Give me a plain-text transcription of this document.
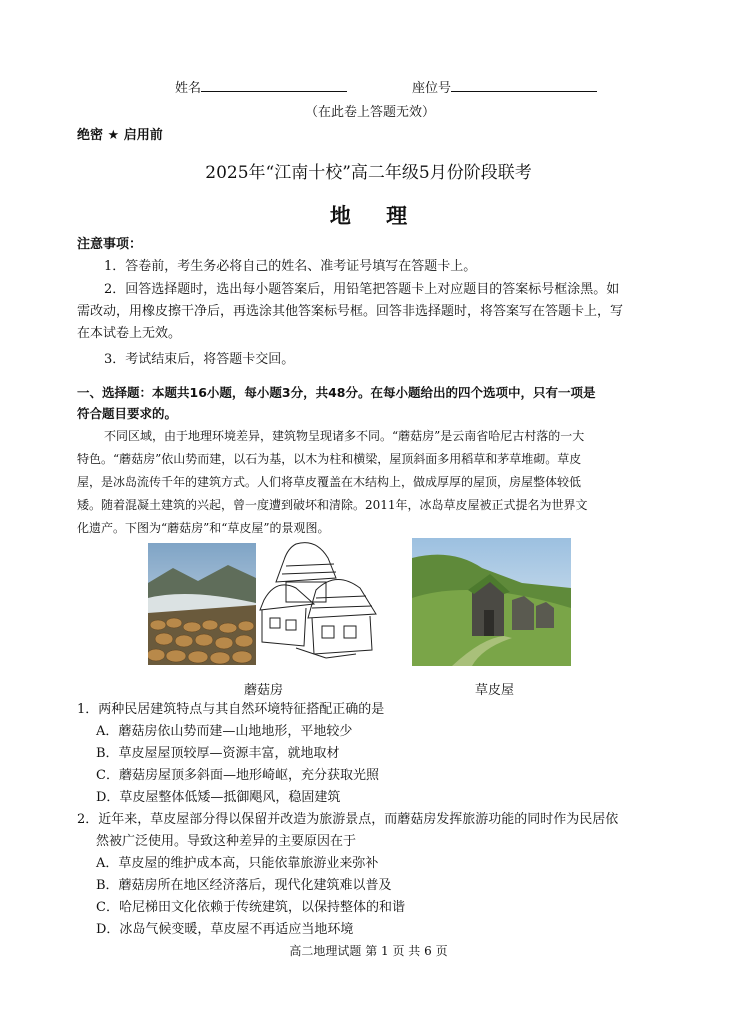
姓名	座位号
（在此卷上答题无效）
绝密 ★ 启用前
2025年“江南十校”高二年级5月份阶段联考
地 理
注意事项：
1．答卷前，考生务必将自己的姓名、准考证号填写在答题卡上。
2．回答选择题时，选出每小题答案后，用铅笔把答题卡上对应题目的答案标号框涂黑。如
需改动，用橡皮擦干净后，再选涂其他答案标号框。回答非选择题时，将答案写在答题卡上，写
在本试卷上无效。
3．考试结束后，将答题卡交回。
一、选择题：本题共16小题，每小题3分，共48分。在每小题给出的四个选项中，只有一项是
符合题目要求的。
不同区域，由于地理环境差异，建筑物呈现诸多不同。“蘑菇房”是云南省哈尼古村落的一大
特色。“蘑菇房”依山势而建，以石为基，以木为柱和横梁，屋顶斜面多用稻草和茅草堆砌。草皮
屋，是冰岛流传千年的建筑方式。人们将草皮覆盖在木结构上，做成厚厚的屋顶，房屋整体较低
矮。随着混凝土建筑的兴起，曾一度遭到破坏和清除。2011年，冰岛草皮屋被正式提名为世界文
化遗产。下图为“蘑菇房”和“草皮屋”的景观图。
蘑菇房	草皮屋
1．两种民居建筑特点与其自然环境特征搭配正确的是
A．蘑菇房依山势而建—山地地形，平地较少
B．草皮屋屋顶较厚—资源丰富，就地取材
C．蘑菇房屋顶多斜面—地形崎岖，充分获取光照
D．草皮屋整体低矮—抵御飓风，稳固建筑
2．近年来，草皮屋部分得以保留并改造为旅游景点，而蘑菇房发挥旅游功能的同时作为民居依
然被广泛使用。导致这种差异的主要原因在于
A．草皮屋的维护成本高，只能依靠旅游业来弥补
B．蘑菇房所在地区经济落后，现代化建筑难以普及
C．哈尼梯田文化依赖于传统建筑，以保持整体的和谐
D．冰岛气候变暖，草皮屋不再适应当地环境
高二地理试题 第 1 页 共 6 页
